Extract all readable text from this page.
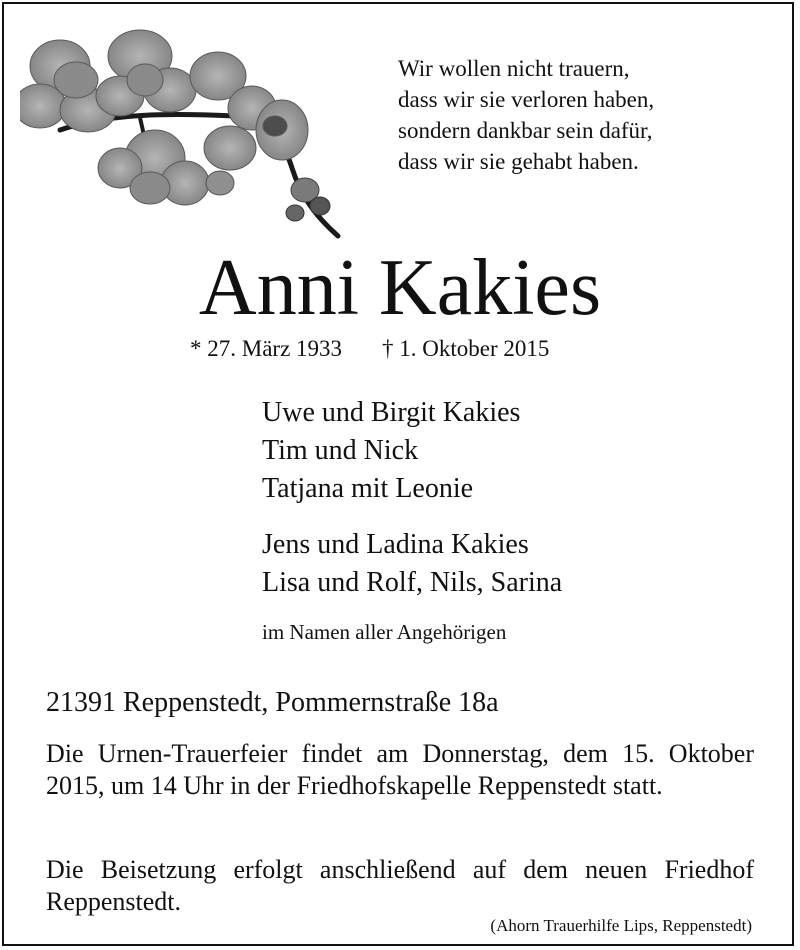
Wir wollen nicht trauern,
dass wir sie verloren haben,
sondern dankbar sein dafür,
dass wir sie gehabt haben.
Anni Kakies
* 27. März 1933 † 1. Oktober 2015
Uwe und Birgit Kakies
Tim und Nick
Tatjana mit Leonie
Jens und Ladina Kakies
Lisa und Rolf, Nils, Sarina
im Namen aller Angehörigen
21391 Reppenstedt, Pommernstraße 18a
Die Urnen-Trauerfeier findet am Donnerstag, dem 15. Oktober 2015, um 14 Uhr in der Friedhofskapelle Reppenstedt statt.
Die Beisetzung erfolgt anschließend auf dem neuen Friedhof Reppenstedt.
(Ahorn Trauerhilfe Lips, Reppenstedt)
